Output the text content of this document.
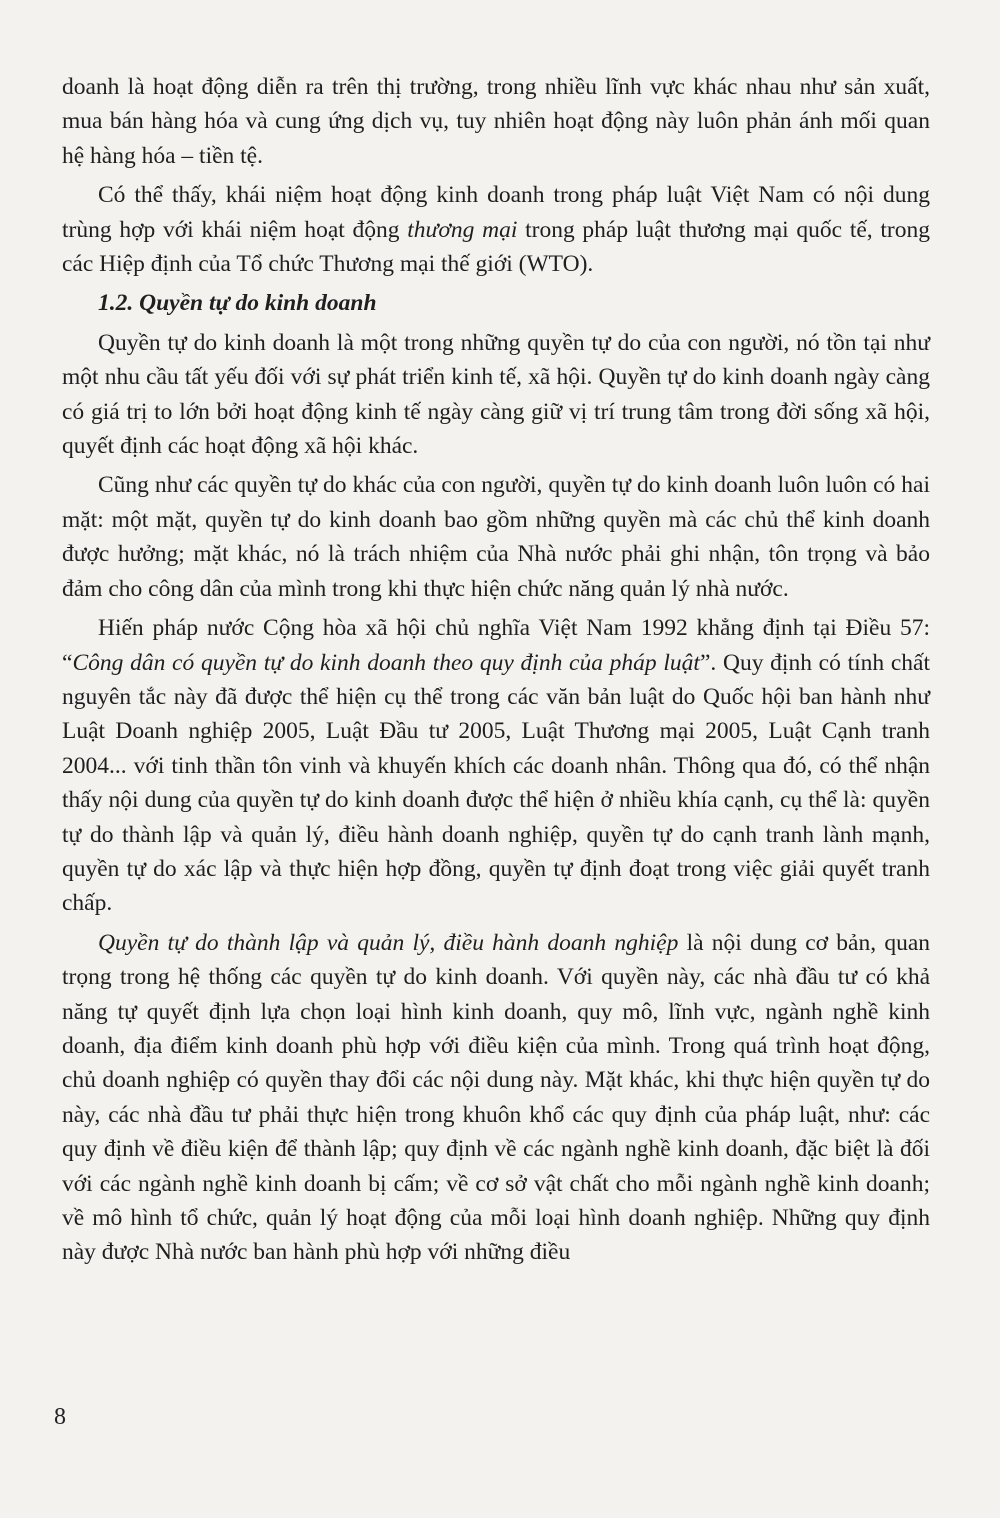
doanh là hoạt động diễn ra trên thị trường, trong nhiều lĩnh vực khác nhau như sản xuất, mua bán hàng hóa và cung ứng dịch vụ, tuy nhiên hoạt động này luôn phản ánh mối quan hệ hàng hóa – tiền tệ.

Có thể thấy, khái niệm hoạt động kinh doanh trong pháp luật Việt Nam có nội dung trùng hợp với khái niệm hoạt động thương mại trong pháp luật thương mại quốc tế, trong các Hiệp định của Tổ chức Thương mại thế giới (WTO).

1.2. Quyền tự do kinh doanh

Quyền tự do kinh doanh là một trong những quyền tự do của con người, nó tồn tại như một nhu cầu tất yếu đối với sự phát triển kinh tế, xã hội. Quyền tự do kinh doanh ngày càng có giá trị to lớn bởi hoạt động kinh tế ngày càng giữ vị trí trung tâm trong đời sống xã hội, quyết định các hoạt động xã hội khác.

Cũng như các quyền tự do khác của con người, quyền tự do kinh doanh luôn luôn có hai mặt: một mặt, quyền tự do kinh doanh bao gồm những quyền mà các chủ thể kinh doanh được hưởng; mặt khác, nó là trách nhiệm của Nhà nước phải ghi nhận, tôn trọng và bảo đảm cho công dân của mình trong khi thực hiện chức năng quản lý nhà nước.

Hiến pháp nước Cộng hòa xã hội chủ nghĩa Việt Nam 1992 khẳng định tại Điều 57: “Công dân có quyền tự do kinh doanh theo quy định của pháp luật”. Quy định có tính chất nguyên tắc này đã được thể hiện cụ thể trong các văn bản luật do Quốc hội ban hành như Luật Doanh nghiệp 2005, Luật Đầu tư 2005, Luật Thương mại 2005, Luật Cạnh tranh 2004... với tinh thần tôn vinh và khuyến khích các doanh nhân. Thông qua đó, có thể nhận thấy nội dung của quyền tự do kinh doanh được thể hiện ở nhiều khía cạnh, cụ thể là: quyền tự do thành lập và quản lý, điều hành doanh nghiệp, quyền tự do cạnh tranh lành mạnh, quyền tự do xác lập và thực hiện hợp đồng, quyền tự định đoạt trong việc giải quyết tranh chấp.

Quyền tự do thành lập và quản lý, điều hành doanh nghiệp là nội dung cơ bản, quan trọng trong hệ thống các quyền tự do kinh doanh. Với quyền này, các nhà đầu tư có khả năng tự quyết định lựa chọn loại hình kinh doanh, quy mô, lĩnh vực, ngành nghề kinh doanh, địa điểm kinh doanh phù hợp với điều kiện của mình. Trong quá trình hoạt động, chủ doanh nghiệp có quyền thay đổi các nội dung này. Mặt khác, khi thực hiện quyền tự do này, các nhà đầu tư phải thực hiện trong khuôn khổ các quy định của pháp luật, như: các quy định về điều kiện để thành lập; quy định về các ngành nghề kinh doanh, đặc biệt là đối với các ngành nghề kinh doanh bị cấm; về cơ sở vật chất cho mỗi ngành nghề kinh doanh; về mô hình tổ chức, quản lý hoạt động của mỗi loại hình doanh nghiệp. Những quy định này được Nhà nước ban hành phù hợp với những điều

8
